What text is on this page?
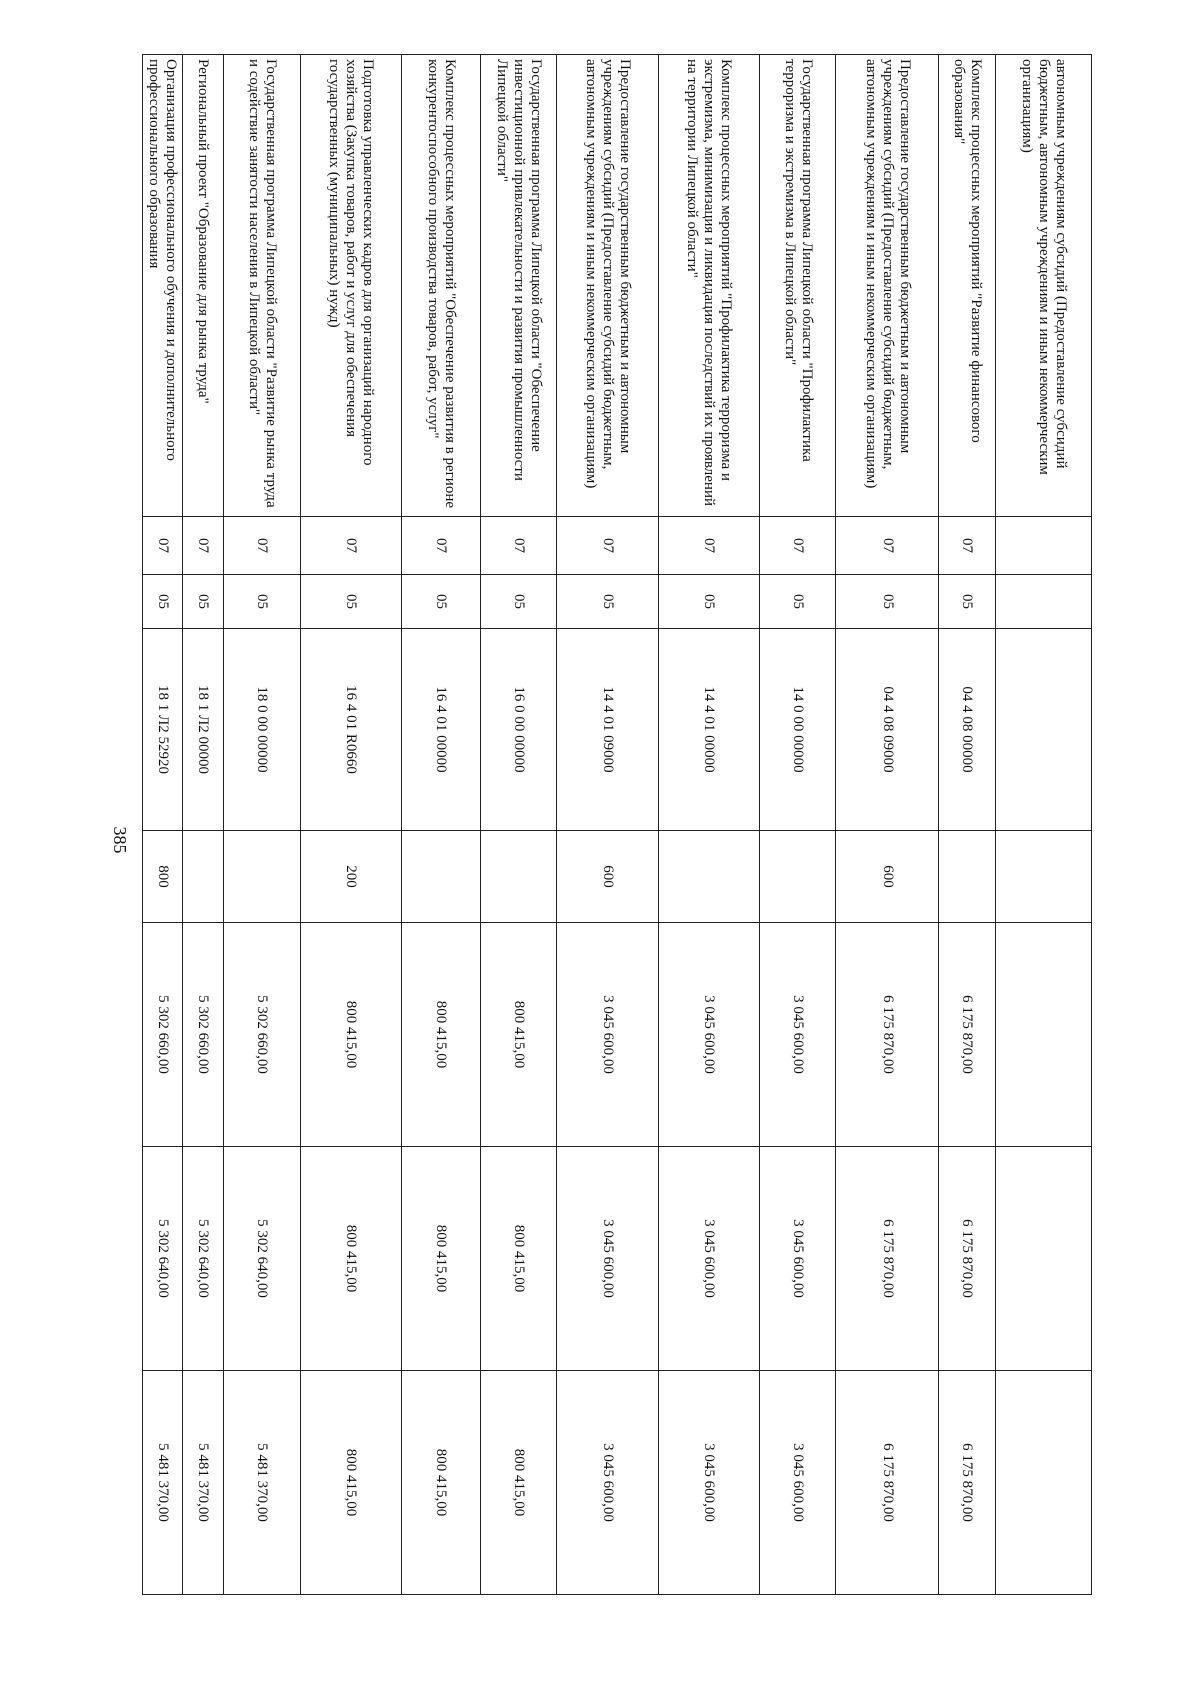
385
автономным учреждениям субсидий (Предоставление субсидий бюджетным, автономным учреждениям и иным некоммерческим организациям)							
Комплекс процессных мероприятий "Развитие финансового образования"	07	05	04 4 08 00000		6 175 870,00	6 175 870,00	6 175 870,00
Предоставление государственным бюджетным и автономным учреждениям субсидий (Предоставление субсидий бюджетным, автономным учреждениям и иным некоммерческим организациям)	07	05	04 4 08 09000	600	6 175 870,00	6 175 870,00	6 175 870,00
Государственная программа Липецкой области "Профилактика терроризма и экстремизма в Липецкой области"	07	05	14 0 00 00000		3 045 600,00	3 045 600,00	3 045 600,00
Комплекс процессных мероприятий "Профилактика терроризма и экстремизма, минимизация и ликвидация последствий их проявлений на территории Липецкой области"	07	05	14 4 01 00000		3 045 600,00	3 045 600,00	3 045 600,00
Предоставление государственным бюджетным и автономным учреждениям субсидий (Предоставление субсидий бюджетным, автономным учреждениям и иным некоммерческим организациям)	07	05	14 4 01 09000	600	3 045 600,00	3 045 600,00	3 045 600,00
Государственная программа Липецкой области "Обеспечение инвестиционной привлекательности и развития промышленности Липецкой области"	07	05	16 0 00 00000		800 415,00	800 415,00	800 415,00
Комплекс процессных мероприятий "Обеспечение развития в регионе конкурентоспособного производства товаров, работ, услуг"	07	05	16 4 01 00000		800 415,00	800 415,00	800 415,00
Подготовка управленческих кадров для организаций народного хозяйства (Закупка товаров, работ и услуг для обеспечения государственных (муниципальных) нужд)	07	05	16 4 01 R0660	200	800 415,00	800 415,00	800 415,00
Государственная программа Липецкой области "Развитие рынка труда и содействие занятости населения в Липецкой области"	07	05	18 0 00 00000		5 302 660,00	5 302 640,00	5 481 370,00
Региональный проект "Образование для рынка труда"	07	05	18 1 Л2 00000		5 302 660,00	5 302 640,00	5 481 370,00
Организация профессионального обучения и дополнительного профессионального образования	07	05	18 1 Л2 52920	800	5 302 660,00	5 302 640,00	5 481 370,00
